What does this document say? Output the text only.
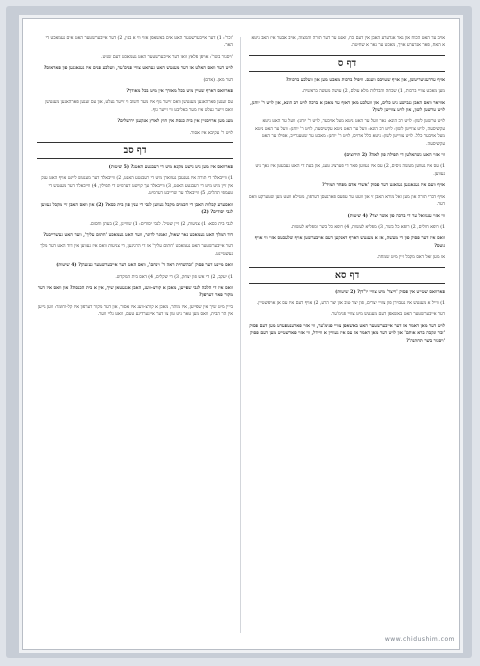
אויב עד האט הכוח און גאר אנדערע האבן אין דעם כח, זאגט ער דער תורה והמצוה, אויב אבער איז האב ניטא א האח, פאר אנדערע אויך, מאכט ער נאר א שחיטה.

דף ס

אויף ערדעגיטריטשן, און אויף שטויבס וועגס. וויפיל ברכות מאכט מען און וועלכע ברכות?

מען מאכט צוויי ברכות, 1) שכחה והבדלות מלא עולם, 2) עושה מעשה בראשית.

אוויאר וואס האבן גנבישע ניט כלים, און וועלכע מאן דאוף ער מאכן א ברכה לויט רב הונא, און לויט ר' יוחנן, לויט טרשטן לשון, און לויט צווייטן לשון?

לויט טרשטן לשון: לויט רב הונא: נאר וועל ער האט ניטא מעל אויבער, לויט ר' יוחנן: וועל ער האט ניטא עקשיסעה, לויט צווייטן לשון: לויט רב הונא: וועל ער האט ניטא עקשיסעה, לויט ר' יוחנן: וועל ער האט ניטא מעל אויבער כלל. לויט צווייטן לשון: ניטא כלל ארויס, לויט ר' יוחנן: מאכט ער שטעגרייב, אפילו ער האט עקשיסעה.

ווי אזוי האט גשהאלטן די תפילה פון לאה? (2 תירוצים)

1) עס איז געווען מעשה ניסים, 2) עס איז געווען פאר די פערציג טעג, און בעת די האט געבעטן איז נאך ניט געווען.

אויף וועם איז געגאנגען געזאגט דער פסוק 'אשרי אדם מפחד תמיד'?

אויף דברי תורה און מען זאל מורא האבן זי און וועט ער עפעס פארגעסן דערפון, מטילא וועט מען שטערקע וואס דער.

ווי אזוי ענגוואל ער די ברכה פון אשר יצר? (4 שיטות)

1) רופא חולים, 2) רופא כל בשר, 3) מפליא לעשות, 4) רופא כל בשר ומפליא לעשות.

וואס איז דער פסוק פון די מעשה, אז א מענטש דארף דאנקען דעם אויבערשטן אויף שלעכטס אזוי ווי אויף גוטס?

אז מען זאל דאס מקבל זיין מיט שמחה.

דף סא

פארוואס שטייט אין פסוק 'וייצר' מיט צוויי יו"דן? (2 שיטות)

1) ווייל א מענטש איז געבוירן פון צוויי יצרים, פון יצר טוב און יצר הרע, 2) אויף דעם איז עס אן אויפשטיין.

דער אייבערשטער האט באשאפן דעם מענטש מיט צוויי פנימ'ער.

לויט דער מאן דאמר אז דער אייבערשטער האט באשאפן צוויי פנימ'ער, ווי אזוי פארענטפערט מען דעם פסוק 'זכר ונקבה ברא אותם' און לויט דער מאן דאמר אז עס איז געוויין א וויידל, ווי אזוי פארשטייט מען דעם פסוק 'ויסגור בשר תחתנה'?

'זכר': 1) דער אייבערשטער האט אים באשאפן אזוי ווי א בגין, 2) דער אייבערשטער האט אים געמאכט די האר.

'ויסגור בשר': אויפן פלאץ וואו דער אייבערשטער האט געמאכט דעם שניט.

לויט דער וואס האלט אז דער מענטש האט געהאט צוויי פנים'ער, וועלכע פנים איז געגאנגען פון פאראוס?

דער מאן. (אדם)

פארוואס דארף שטיין מיט בכל מאודך אין מיט בכל מאודך?

עס זענען פארהאנען מענטשן וואס זייער גוף איז מער חשוב וי זייער געלט, און עס זענען פארהאנען מענטשן וואס זייער געלט איז מער באליבט ווי זייער גוף.

מעג מען ארויסגיין אין בית כנסת אין חוץ לארץ אנקעגן ירושלים?

לויט ר' עקיבא איז אסור.

דף סב

פארוואס איז מען ניט נישט מקנא מיט די רעבנטע האטנ? (5 שיטות)

1) ווייבאלד די תורה איז געגעבן געווארן מיט די רעבנטע האנט, 2) ווייבאלד דער מענטש לייגט אויף האט ענק אין זיין מיט מיט די רעבנטע האנט, 3) ווייבאלד עך קוישט דערמיט די תפילין, 4) ווייבאלד דער מענטש די טעמפי תהלים, 5) ווייבאלד ער שרייבט דערמיט.

וואסערע קבלות האבן די חכמים מקבל געווען לגבי די ענין פון בית כסא? (2) און וואס האבן זיי מקבל געווען לגבי יסודים? (2)

לגבי בית כסא: 1) צניעות, 2) זיין שטיל. לגבי יסודים: 1) שווייגן, 2) בעתן וחסום.

דוד המלך האט געמאכט נאר שאול, זאמגר לדוגר, ווער האט געמאכט 'חתום עליך', וועד האט געשרייבט?

דער אייבערשטער האט געמאכט 'חתום עליך' אז די הרגיגען, די צניעות וואס איז געווען אין דוד האט דער מלך געשטיינט.

וואס מיינט דער פסוק 'ובהשחית ראה ד' וינחם', וואס האט דער אייבערשטער געזעהן? (4 שיטות)

1) יעקב, 2) די אש פון יצחק, 3) די שקלים, 4) דאס בית המקדש.

וואס איז די הלכה לגבי שפייען, מאכן א קורצ-וועג, האבן אנגעטאן שיך, אין א בית הכנסת? און וואס איז דער מקור פאר דערפון?

בייין מיט שיך אין שפייען, איז מותר, מאכן א קורצ-וועג איז אסור, און דער מקור דערפון איז קל-וחומר: ווען גייען אין הר הבית, וואס מען טאר ניט טון צו דער איינערדיגע טעם, וואט גליי ווער.

www.chidushim.com
